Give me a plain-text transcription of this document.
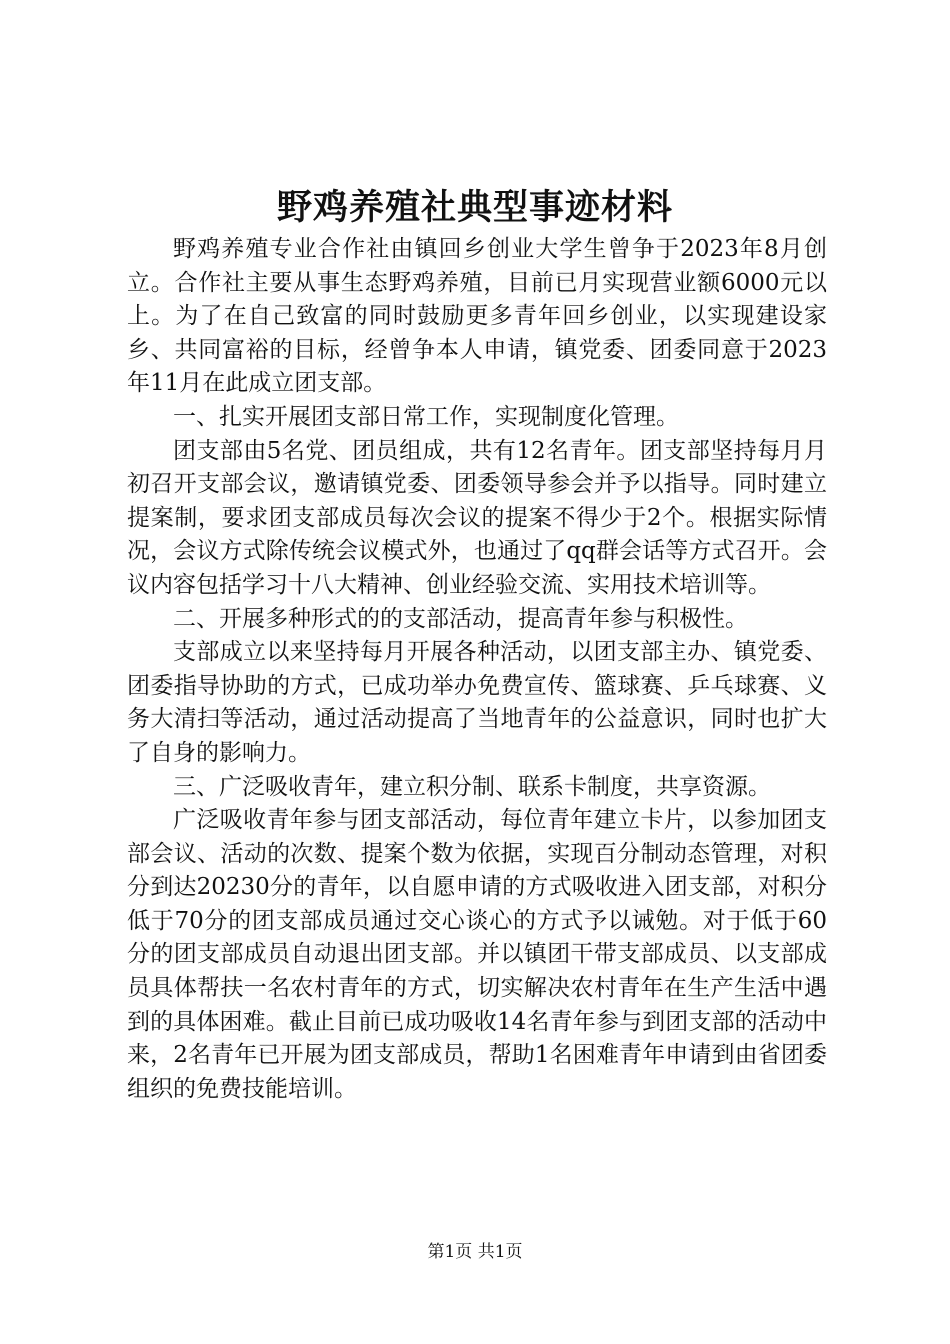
野鸡养殖社典型事迹材料

野鸡养殖专业合作社由镇回乡创业大学生曾争于2023年8月创立。合作社主要从事生态野鸡养殖，目前已月实现营业额6000元以上。为了在自己致富的同时鼓励更多青年回乡创业，以实现建设家乡、共同富裕的目标，经曾争本人申请，镇党委、团委同意于2023年11月在此成立团支部。

一、扎实开展团支部日常工作，实现制度化管理。

团支部由5名党、团员组成，共有12名青年。团支部坚持每月月初召开支部会议，邀请镇党委、团委领导参会并予以指导。同时建立提案制，要求团支部成员每次会议的提案不得少于2个。根据实际情况，会议方式除传统会议模式外，也通过了qq群会话等方式召开。会议内容包括学习十八大精神、创业经验交流、实用技术培训等。

二、开展多种形式的的支部活动，提高青年参与积极性。

支部成立以来坚持每月开展各种活动，以团支部主办、镇党委、团委指导协助的方式，已成功举办免费宣传、篮球赛、乒乓球赛、义务大清扫等活动，通过活动提高了当地青年的公益意识，同时也扩大了自身的影响力。

三、广泛吸收青年，建立积分制、联系卡制度，共享资源。

广泛吸收青年参与团支部活动，每位青年建立卡片，以参加团支部会议、活动的次数、提案个数为依据，实现百分制动态管理，对积分到达20230分的青年，以自愿申请的方式吸收进入团支部，对积分低于70分的团支部成员通过交心谈心的方式予以诫勉。对于低于60分的团支部成员自动退出团支部。并以镇团干带支部成员、以支部成员具体帮扶一名农村青年的方式，切实解决农村青年在生产生活中遇到的具体困难。截止目前已成功吸收14名青年参与到团支部的活动中来，2名青年已开展为团支部成员，帮助1名困难青年申请到由省团委组织的免费技能培训。

第1页 共1页
